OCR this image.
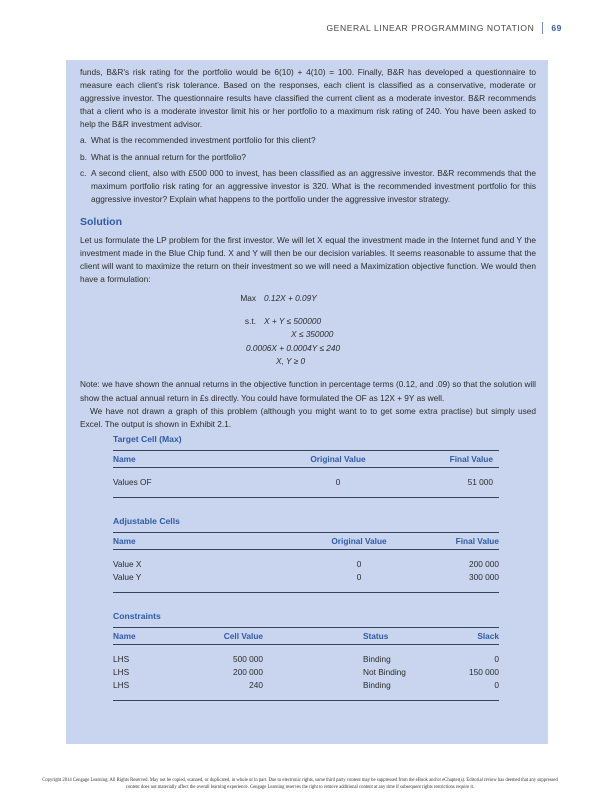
GENERAL LINEAR PROGRAMMING NOTATION 69

funds, B&R's risk rating for the portfolio would be 6(10) + 4(10) = 100. Finally, B&R has developed a questionnaire to measure each client's risk tolerance. Based on the responses, each client is classified as a conservative, moderate or aggressive investor. The questionnaire results have classified the current client as a moderate investor. B&R recommends that a client who is a moderate investor limit his or her portfolio to a maximum risk rating of 240. You have been asked to help the B&R investment advisor.

a. What is the recommended investment portfolio for this client?
b. What is the annual return for the portfolio?
c. A second client, also with £500 000 to invest, has been classified as an aggressive investor. B&R recommends that the maximum portfolio risk rating for an aggressive investor is 320. What is the recommended investment portfolio for this aggressive investor? Explain what happens to the portfolio under the aggressive investor strategy.
Solution

Let us formulate the LP problem for the first investor. We will let X equal the investment made in the Internet fund and Y the investment made in the Blue Chip fund. X and Y will then be our decision variables. It seems reasonable to assume that the client will want to maximize the return on their investment so we will need a Maximization objective function. We would then have a formulation:

Max 0.12X + 0.09Y
s.t. X + Y ≤ 500000
X ≤ 350000
0.0006X + 0.0004Y ≤ 240
X, Y ≥ 0

Note: we have shown the annual returns in the objective function in percentage terms (0.12, and .09) so that the solution will show the actual annual return in £s directly. You could have formulated the OF as 12X + 9Y as well.

We have not drawn a graph of this problem (although you might want to to get some extra practise) but simply used Excel. The output is shown in Exhibit 2.1.

Target Cell (Max)
Name	Original Value	Final Value
Values OF	0	51 000
Adjustable Cells
Name	Original Value	Final Value
Value X	0	200 000
Value Y	0	300 000
Constraints
Name	Cell Value	Status	Slack
LHS	500 000	Binding	0
LHS	200 000	Not Binding	150 000
LHS	240	Binding	0
Copyright 2014 Cengage Learning. All Rights Reserved. May not be copied, scanned, or duplicated, in whole or in part. Due to electronic rights, some third party content may be suppressed from the eBook and/or eChapter(s). Editorial review has deemed that any suppressed content does not materially affect the overall learning experience. Cengage Learning reserves the right to remove additional content at any time if subsequent rights restrictions require it.
